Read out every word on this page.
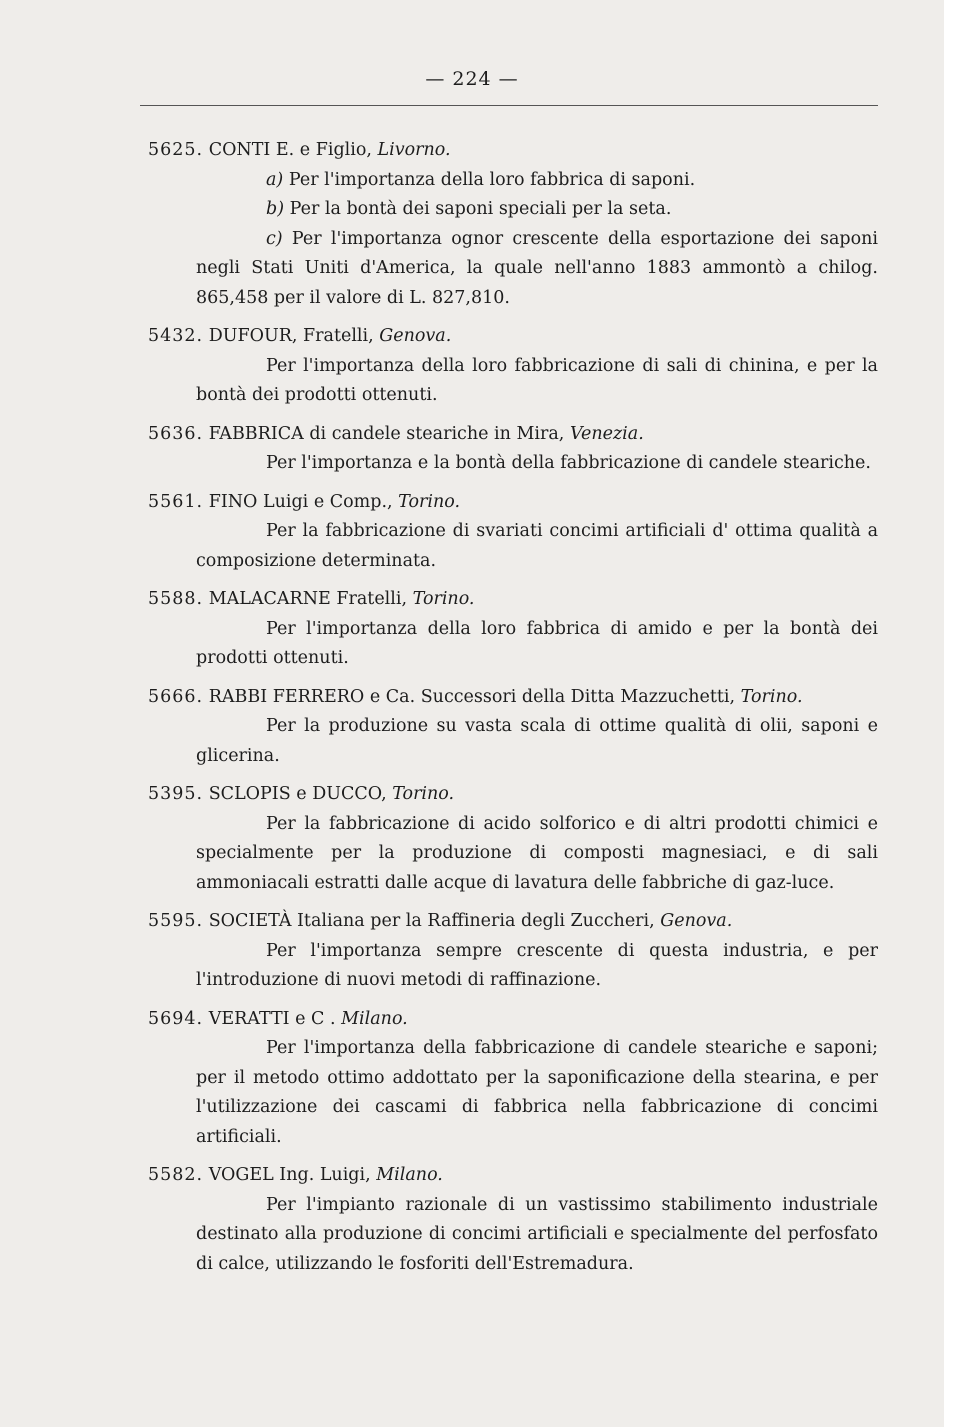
— 224 —
5625. CONTI E. e Figlio, Livorno.
a) Per l'importanza della loro fabbrica di saponi.
b) Per la bontà dei saponi speciali per la seta.
c) Per l'importanza ognor crescente della esportazione dei saponi negli Stati Uniti d'America, la quale nell'anno 1883 ammontò a chilog. 865,458 per il valore di L. 827,810.
5432. DUFOUR, Fratelli, Genova.
Per l'importanza della loro fabbricazione di sali di chinina, e per la bontà dei prodotti ottenuti.
5636. FABBRICA di candele steariche in Mira, Venezia.
Per l'importanza e la bontà della fabbricazione di candele steariche.
5561. FINO Luigi e Comp., Torino.
Per la fabbricazione di svariati concimi artificiali d' ottima qualità a composizione determinata.
5588. MALACARNE Fratelli, Torino.
Per l'importanza della loro fabbrica di amido e per la bontà dei prodotti ottenuti.
5666. RABBI FERRERO e Ca. Successori della Ditta Mazzuchetti, Torino.
Per la produzione su vasta scala di ottime qualità di olii, saponi e glicerina.
5395. SCLOPIS e DUCCO, Torino.
Per la fabbricazione di acido solforico e di altri prodotti chimici e specialmente per la produzione di composti magnesiaci, e di sali ammoniacali estratti dalle acque di lavatura delle fabbriche di gaz-luce.
5595. SOCIETÀ Italiana per la Raffineria degli Zuccheri, Genova.
Per l'importanza sempre crescente di questa industria, e per l'introduzione di nuovi metodi di raffinazione.
5694. VERATTI e C . Milano.
Per l'importanza della fabbricazione di candele steariche e saponi; per il metodo ottimo addottato per la saponificazione della stearina, e per l'utilizzazione dei cascami di fabbrica nella fabbricazione di concimi artificiali.
5582. VOGEL Ing. Luigi, Milano.
Per l'impianto razionale di un vastissimo stabilimento industriale destinato alla produzione di concimi artificiali e specialmente del perfosfato di calce, utilizzando le fosforiti dell'Estremadura.
